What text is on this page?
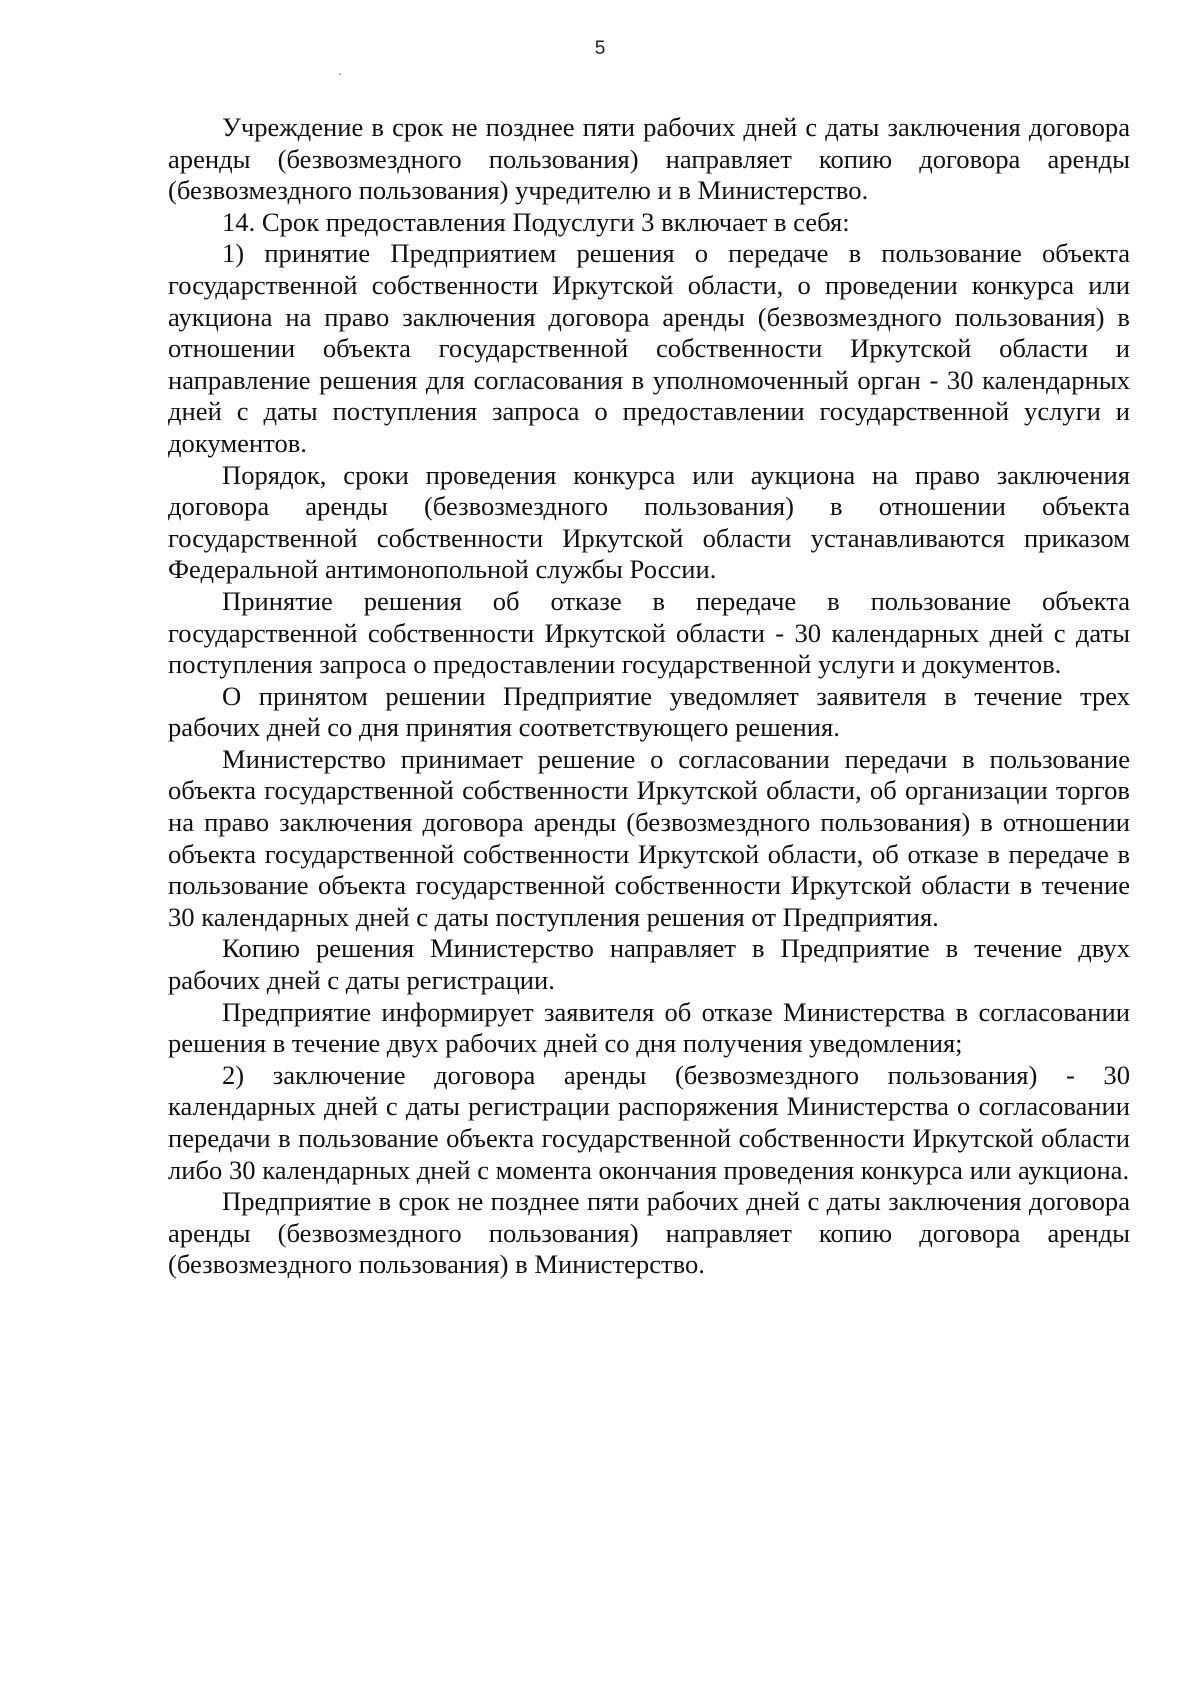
5

Учреждение в срок не позднее пяти рабочих дней с даты заключения договора аренды (безвозмездного пользования) направляет копию договора аренды (безвозмездного пользования) учредителю и в Министерство.

14. Срок предоставления Подуслуги 3 включает в себя:

1) принятие Предприятием решения о передаче в пользование объекта государственной собственности Иркутской области, о проведении конкурса или аукциона на право заключения договора аренды (безвозмездного пользования) в отношении объекта государственной собственности Иркутской области и направление решения для согласования в уполномоченный орган - 30 календарных дней с даты поступления запроса о предоставлении государственной услуги и документов.

Порядок, сроки проведения конкурса или аукциона на право заключения договора аренды (безвозмездного пользования) в отношении объекта государственной собственности Иркутской области устанавливаются приказом Федеральной антимонопольной службы России.

Принятие решения об отказе в передаче в пользование объекта государственной собственности Иркутской области - 30 календарных дней с даты поступления запроса о предоставлении государственной услуги и документов.

О принятом решении Предприятие уведомляет заявителя в течение трех рабочих дней со дня принятия соответствующего решения.

Министерство принимает решение о согласовании передачи в пользование объекта государственной собственности Иркутской области, об организации торгов на право заключения договора аренды (безвозмездного пользования) в отношении объекта государственной собственности Иркутской области, об отказе в передаче в пользование объекта государственной собственности Иркутской области в течение 30 календарных дней с даты поступления решения от Предприятия.

Копию решения Министерство направляет в Предприятие в течение двух рабочих дней с даты регистрации.

Предприятие информирует заявителя об отказе Министерства в согласовании решения в течение двух рабочих дней со дня получения уведомления;

2) заключение договора аренды (безвозмездного пользования) - 30 календарных дней с даты регистрации распоряжения Министерства о согласовании передачи в пользование объекта государственной собственности Иркутской области либо 30 календарных дней с момента окончания проведения конкурса или аукциона.

Предприятие в срок не позднее пяти рабочих дней с даты заключения договора аренды (безвозмездного пользования) направляет копию договора аренды (безвозмездного пользования) в Министерство.
